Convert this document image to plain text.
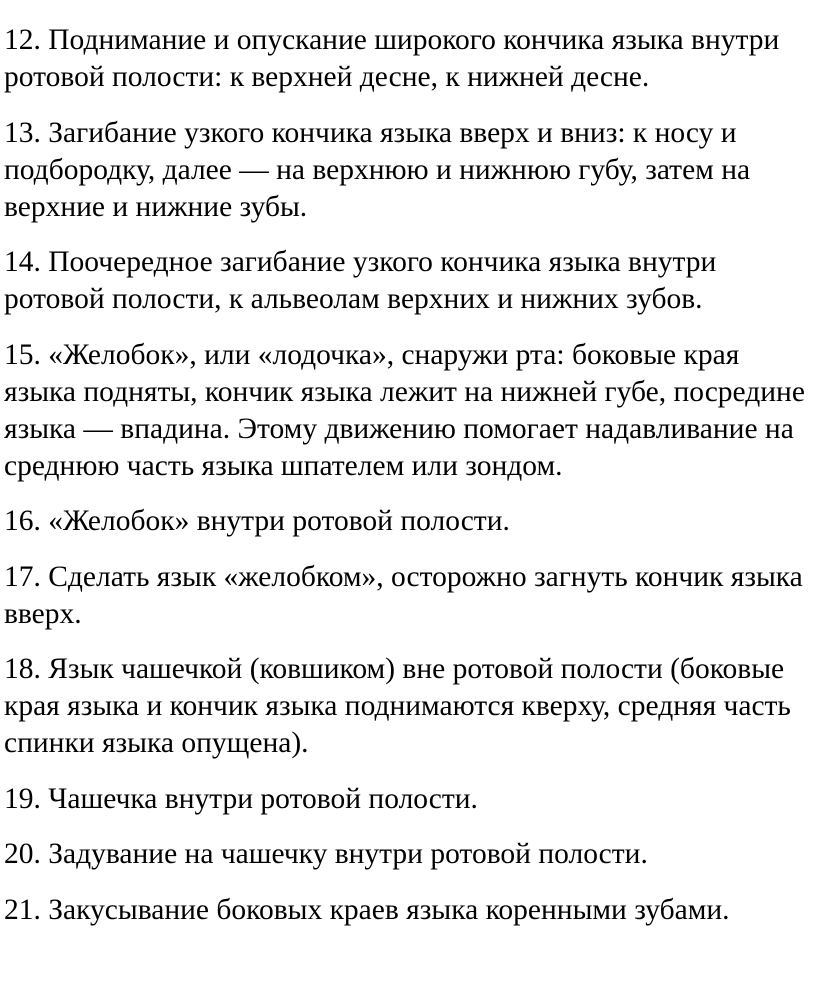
12. Поднимание и опускание широкого кончика языка внутри ротовой полости: к верхней десне, к нижней десне.

13. Загибание узкого кончика языка вверх и вниз: к носу и подбородку, далее — на верхнюю и нижнюю губу, затем на верхние и нижние зубы.

14. Поочередное загибание узкого кончика языка внутри ротовой полости, к альвеолам верхних и нижних зубов.

15. «Желобок», или «лодочка», снаружи рта: боковые края языка подняты, кончик языка лежит на нижней губе, посредине языка — впадина. Этому движению помогает надавливание на среднюю часть языка шпателем или зондом.

16. «Желобок» внутри ротовой полости.

17. Сделать язык «желобком», осторожно загнуть кончик языка вверх.

18. Язык чашечкой (ковшиком) вне ротовой полости (боковые края языка и кончик языка поднимаются кверху, средняя часть спинки языка опущена).

19. Чашечка внутри ротовой полости.

20. Задувание на чашечку внутри ротовой полости.

21. Закусывание боковых краев языка коренными зубами.
